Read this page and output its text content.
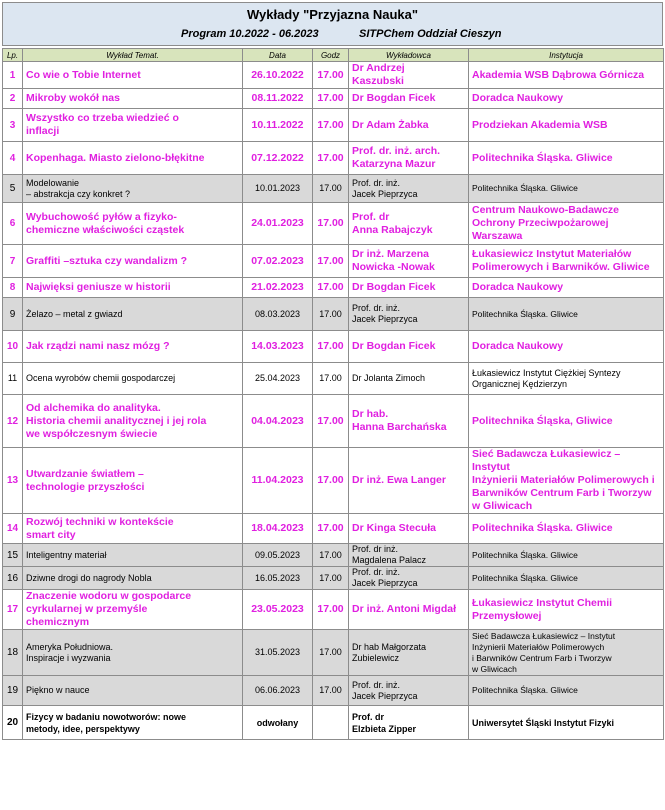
Wykłady "Przyjazna Nauka"
Program 10.2022 - 06.2023	SITPChem Oddział Cieszyn
Lp.	Wykład Temat.	Data	Godz	Wykładowca	Instytucja
1	Co wie o Tobie Internet	26.10.2022	17.00	Dr Andrzej
Kaszubski	Akademia WSB Dąbrowa Górnicza
2	Mikroby wokół nas	08.11.2022	17.00	Dr Bogdan Ficek	Doradca Naukowy
3	Wszystko co trzeba wiedzieć o
inflacji	10.11.2022	17.00	Dr Adam Żabka	Prodziekan Akademia WSB
4	Kopenhaga. Miasto zielono-błękitne	07.12.2022	17.00	Prof. dr. inż. arch.
Katarzyna Mazur	Politechnika Śląska. Gliwice
5	Modelowanie
– abstrakcja czy konkret ?	10.01.2023	17.00	Prof. dr. inż.
Jacek Pieprzyca	Politechnika Śląska. Gliwice
6	Wybuchowość pyłów a fizyko-
chemiczne właściwości cząstek	24.01.2023	17.00	Prof. dr
Anna Rabajczyk	Centrum Naukowo-Badawcze
Ochrony Przeciwpożarowej
Warszawa
7	Graffiti –sztuka czy wandalizm ?	07.02.2023	17.00	Dr inż. Marzena
Nowicka -Nowak	Łukasiewicz Instytut Materiałów
Polimerowych i Barwników. Gliwice
8	Najwięksi geniusze w historii	21.02.2023	17.00	Dr Bogdan Ficek	Doradca Naukowy
9	Żelazo – metal z gwiazd	08.03.2023	17.00	Prof. dr. inż.
Jacek Pieprzyca	Politechnika Śląska. Gliwice
10	Jak rządzi nami nasz mózg ?	14.03.2023	17.00	Dr Bogdan Ficek	Doradca Naukowy
11	Ocena wyrobów chemii gospodarczej	25.04.2023	17.00	Dr Jolanta Zimoch	Łukasiewicz Instytut Ciężkiej Syntezy
Organicznej Kędzierzyn
12	Od alchemika do analityka.
Historia chemii analitycznej i jej rola
we współczesnym świecie	04.04.2023	17.00	Dr hab.
Hanna Barchańska	Politechnika Śląska, Gliwice
13	Utwardzanie światłem –
technologie przyszłości	11.04.2023	17.00	Dr inż. Ewa Langer	Sieć Badawcza Łukasiewicz – Instytut
Inżynierii Materiałów Polimerowych i
Barwników Centrum Farb i Tworzyw
w Gliwicach
14	Rozwój techniki w kontekście
smart city	18.04.2023	17.00	Dr Kinga Stecuła	Politechnika Śląska. Gliwice
15	Inteligentny materiał	09.05.2023	17.00	Prof. dr inż.
Magdalena Palacz	Politechnika Śląska. Gliwice
16	Dziwne drogi do nagrody Nobla	16.05.2023	17.00	Prof. dr. inż.
Jacek Pieprzyca	Politechnika Śląska. Gliwice
17	Znaczenie wodoru w gospodarce
cyrkularnej w przemyśle
chemicznym	23.05.2023	17.00	Dr inż. Antoni Migdał	Łukasiewicz Instytut Chemii
Przemysłowej
18	Ameryka Południowa.
Inspiracje i wyzwania	31.05.2023	17.00	Dr hab Małgorzata
Zubielewicz	Sieć Badawcza Łukasiewicz – Instytut
Inżynierii Materiałów Polimerowych
i Barwników Centrum Farb i Tworzyw
w Gliwicach
19	Piękno w nauce	06.06.2023	17.00	Prof. dr. inż.
Jacek Pieprzyca	Politechnika Śląska. Gliwice
20	Fizycy w badaniu nowotworów: nowe
metody, idee, perspektywy	odwołany		Prof. dr
Elzbieta Zipper	Uniwersytet Śląski Instytut Fizyki
